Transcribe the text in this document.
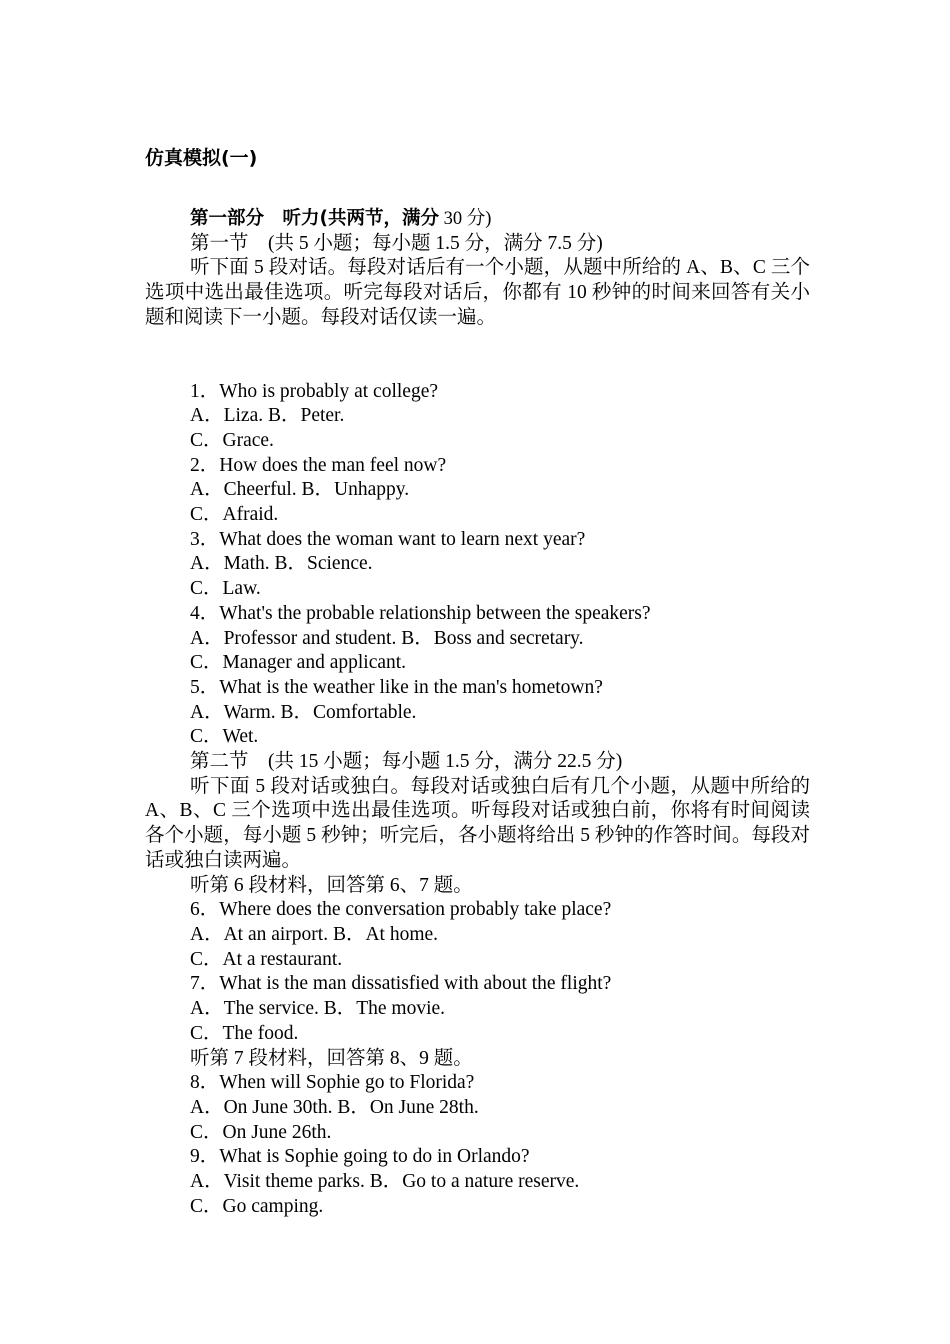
仿真模拟(一)
第一部分　听力(共两节，满分 30 分)
第一节　(共 5 小题；每小题 1.5 分，满分 7.5 分)
听下面 5 段对话。每段对话后有一个小题，从题中所给的 A、B、C 三个选项中选出最佳选项。听完每段对话后，你都有 10 秒钟的时间来回答有关小题和阅读下一小题。每段对话仅读一遍。
1．Who is probably at college?
A．Liza. B．Peter.
C．Grace.
2．How does the man feel now?
A．Cheerful. B．Unhappy.
C．Afraid.
3．What does the woman want to learn next year?
A．Math. B．Science.
C．Law.
4．What's the probable relationship between the speakers?
A．Professor and student. B．Boss and secretary.
C．Manager and applicant.
5．What is the weather like in the man's hometown?
A．Warm. B．Comfortable.
C．Wet.
第二节　(共 15 小题；每小题 1.5 分，满分 22.5 分)
听下面 5 段对话或独白。每段对话或独白后有几个小题，从题中所给的 A、B、C 三个选项中选出最佳选项。听每段对话或独白前，你将有时间阅读各个小题，每小题 5 秒钟；听完后，各小题将给出 5 秒钟的作答时间。每段对话或独白读两遍。
听第 6 段材料，回答第 6、7 题。
6．Where does the conversation probably take place?
A．At an airport. B．At home.
C．At a restaurant.
7．What is the man dissatisfied with about the flight?
A．The service. B．The movie.
C．The food.
听第 7 段材料，回答第 8、9 题。
8．When will Sophie go to Florida?
A．On June 30th. B．On June 28th.
C．On June 26th.
9．What is Sophie going to do in Orlando?
A．Visit theme parks. B．Go to a nature reserve.
C．Go camping.
